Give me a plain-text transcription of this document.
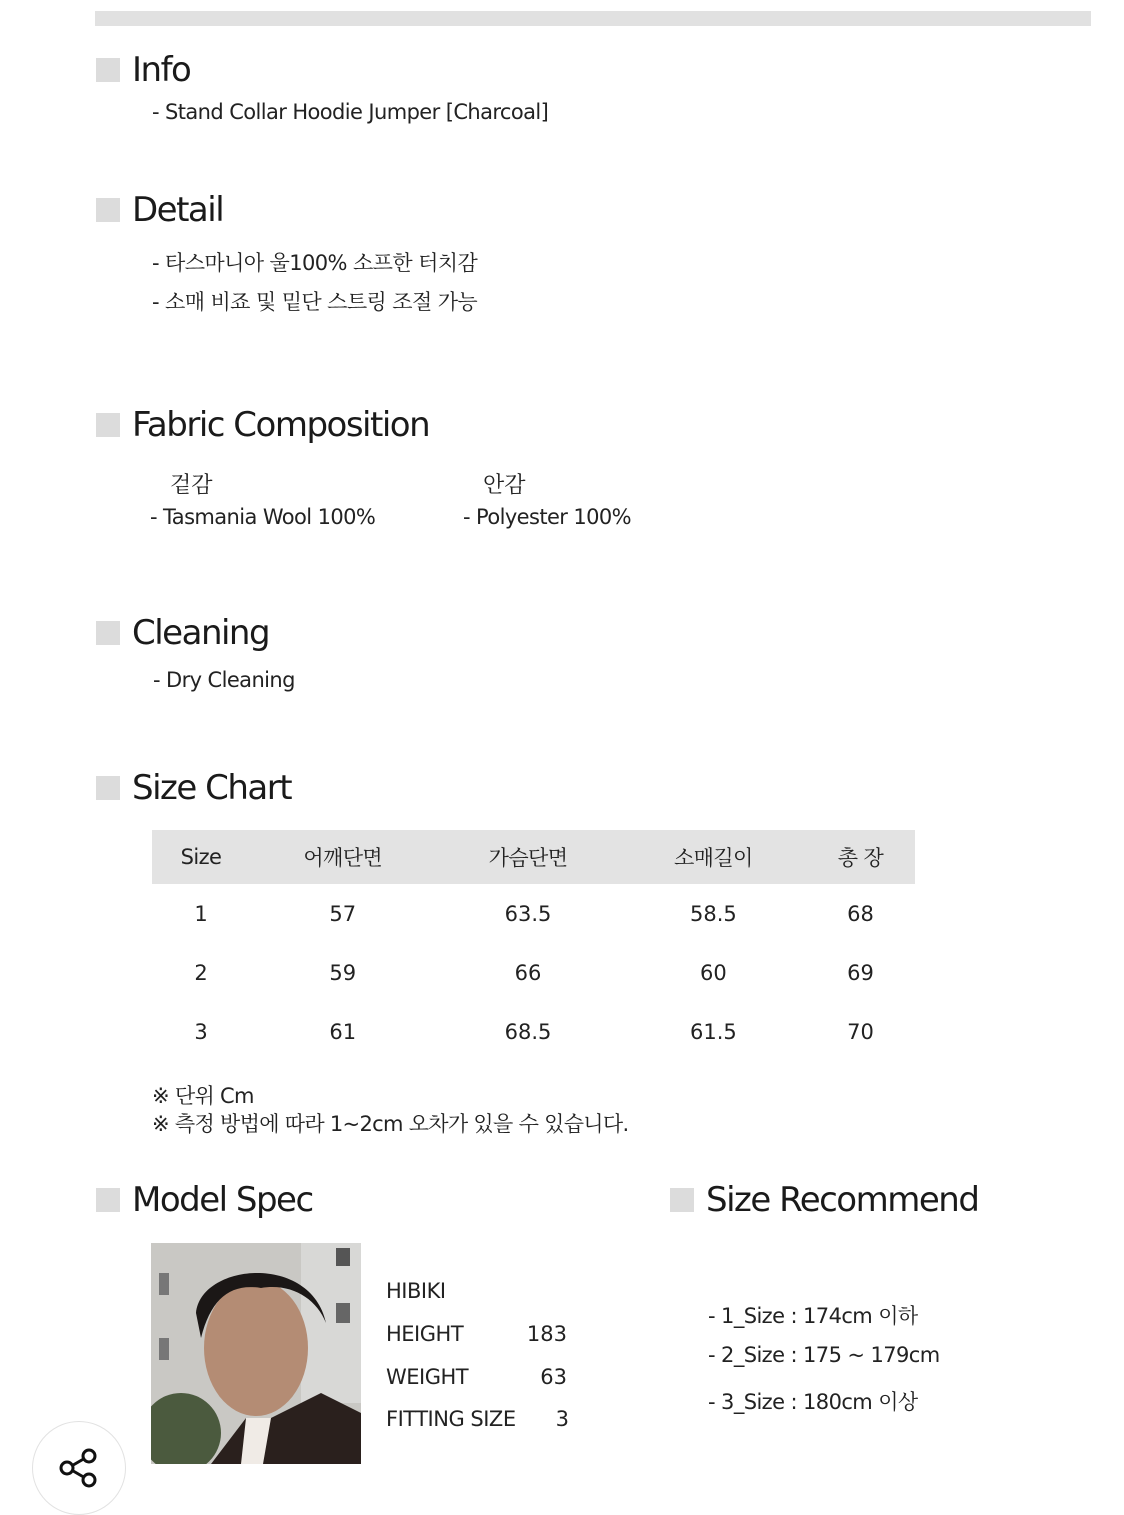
Info
- Stand Collar Hoodie Jumper [Charcoal]
Detail
- 타스마니아 울100% 소프한 터치감
- 소매 비죠 및 밑단 스트링 조절 가능
Fabric Composition
겉감
- Tasmania Wool 100%
안감
- Polyester 100%
Cleaning
- Dry Cleaning
Size Chart
Size	어깨단면	가슴단면	소매길이	총 장
1	57	63.5	58.5	68
2	59	66	60	69
3	61	68.5	61.5	70
※ 단위 Cm
※ 측정 방법에 따라 1~2cm 오차가 있을 수 있습니다.
Model Spec
HIBIKI
HEIGHT	183
WEIGHT	63
FITTING SIZE	3
Size Recommend
- 1_Size : 174cm 이하
- 2_Size : 175 ~ 179cm
- 3_Size : 180cm 이상
